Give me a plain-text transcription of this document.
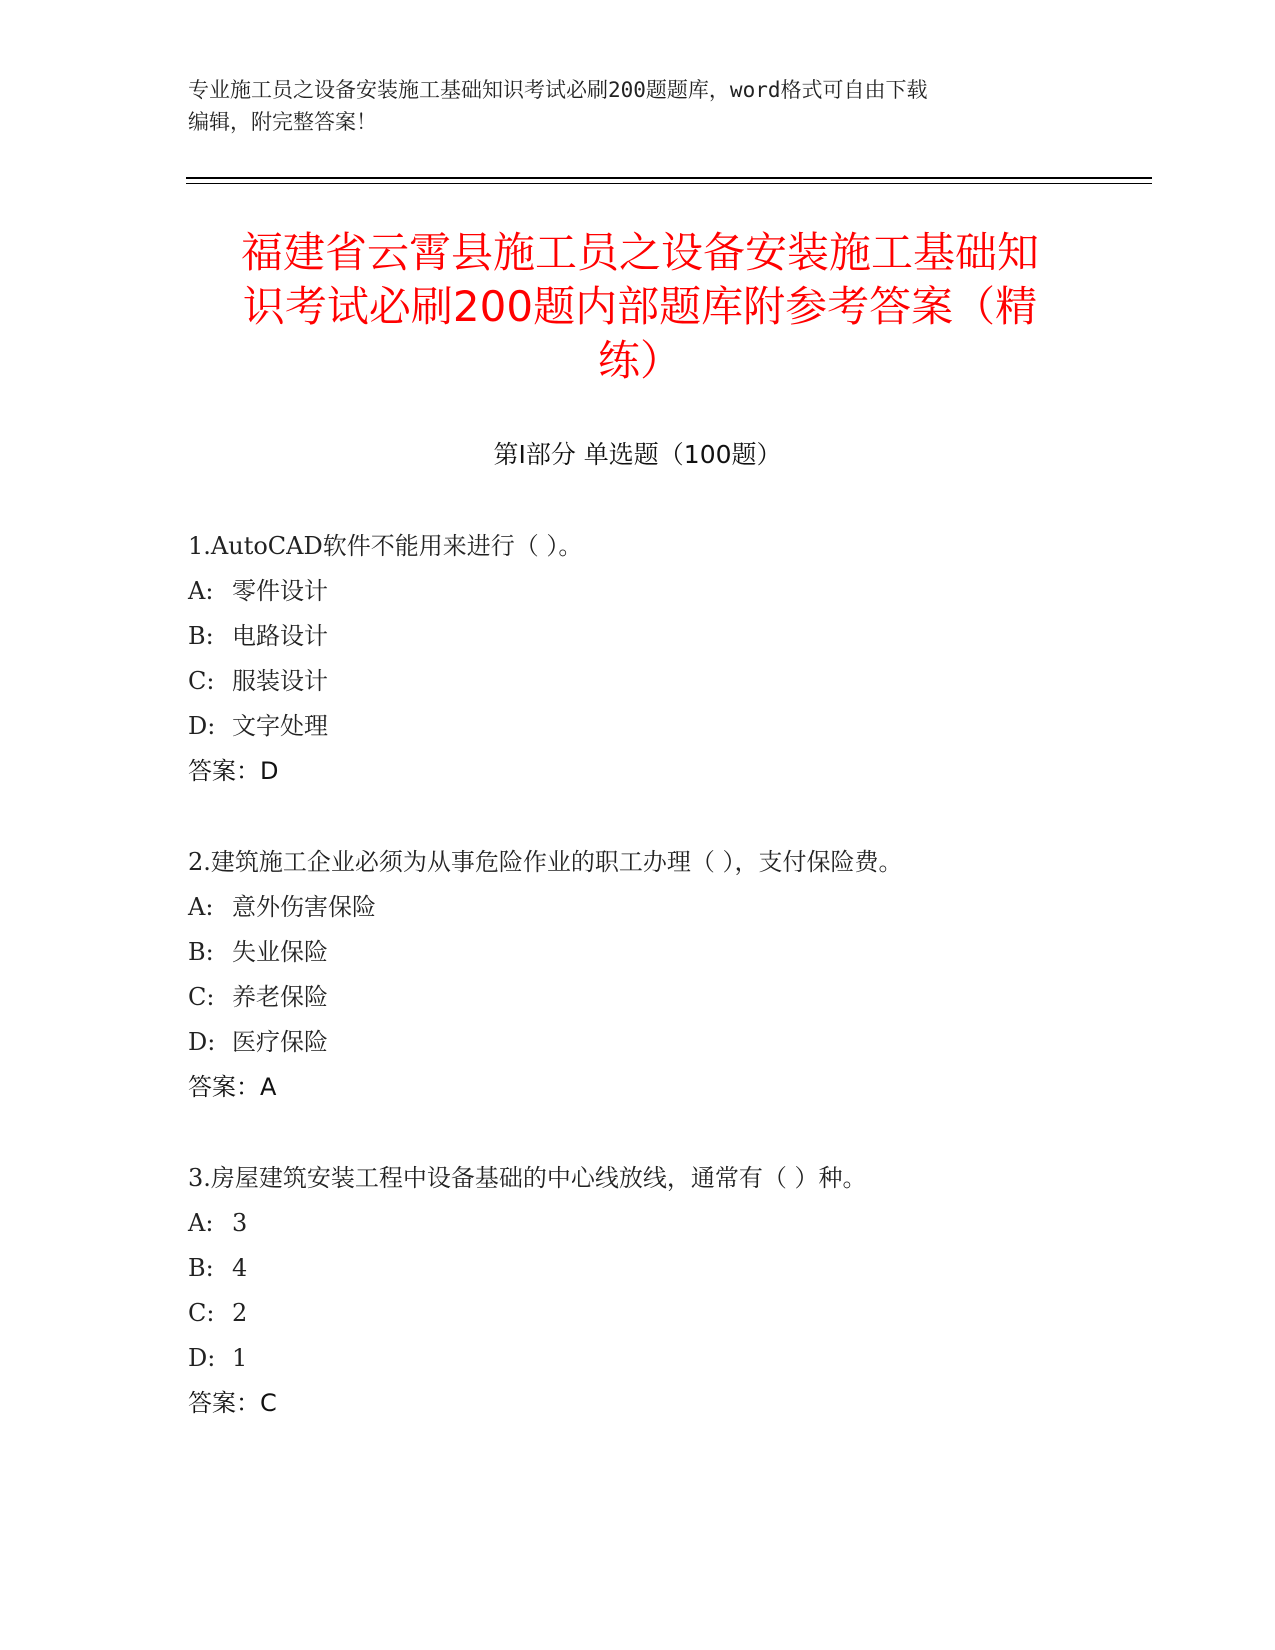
专业施工员之设备安装施工基础知识考试必刷200题题库，word格式可自由下载
编辑，附完整答案！
福建省云霄县施工员之设备安装施工基础知
识考试必刷200题内部题库附参考答案（精
练）
第Ⅰ部分 单选题（100题）
1.AutoCAD软件不能用来进行（ ）。
A: 零件设计
B: 电路设计
C: 服装设计
D: 文字处理
答案：D
2.建筑施工企业必须为从事危险作业的职工办理（ ），支付保险费。
A: 意外伤害保险
B: 失业保险
C: 养老保险
D: 医疗保险
答案：A
3.房屋建筑安装工程中设备基础的中心线放线，通常有（ ）种。
A: 3
B: 4
C: 2
D: 1
答案：C
